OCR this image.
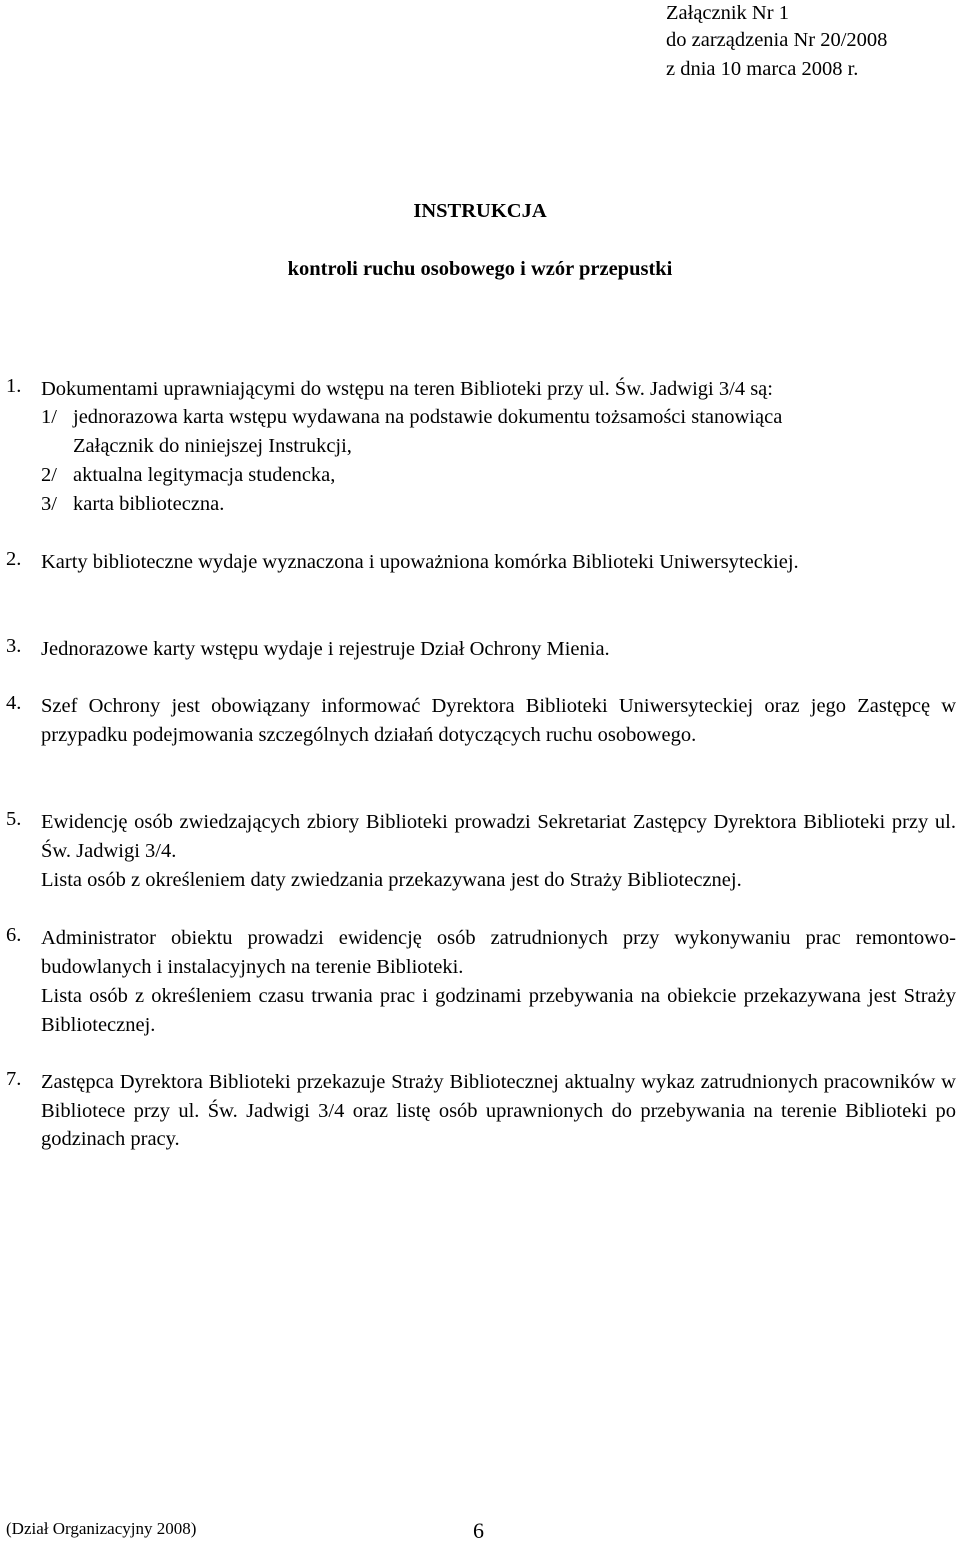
Załącznik Nr 1
do zarządzenia Nr 20/2008
z dnia 10 marca 2008 r.
INSTRUKCJA
kontroli ruchu osobowego i wzór przepustki
1. Dokumentami uprawniającymi do wstępu na teren Biblioteki przy ul. Św. Jadwigi 3/4 są:
1/ jednorazowa karta wstępu wydawana na podstawie dokumentu tożsamości stanowiąca
Załącznik do niniejszej Instrukcji,
2/ aktualna legitymacja studencka,
3/ karta biblioteczna.
2. Karty biblioteczne wydaje wyznaczona i upoważniona komórka Biblioteki Uniwersyteckiej.
3. Jednorazowe karty wstępu wydaje i rejestruje Dział Ochrony Mienia.
4. Szef Ochrony jest obowiązany informować Dyrektora Biblioteki Uniwersyteckiej oraz jego Zastępcę w przypadku podejmowania szczególnych działań dotyczących ruchu osobowego.
5. Ewidencję osób zwiedzających zbiory Biblioteki prowadzi Sekretariat Zastępcy Dyrektora Biblioteki przy ul. Św. Jadwigi 3/4.
Lista osób z określeniem daty zwiedzania przekazywana jest do Straży Bibliotecznej.
6. Administrator obiektu prowadzi ewidencję osób zatrudnionych przy wykonywaniu prac remontowo-budowlanych i instalacyjnych na terenie Biblioteki.
Lista osób z określeniem czasu trwania prac i godzinami przebywania na obiekcie przekazywana jest Straży Bibliotecznej.
7. Zastępca Dyrektora Biblioteki przekazuje Straży Bibliotecznej aktualny wykaz zatrudnionych pracowników w Bibliotece przy ul. Św. Jadwigi 3/4 oraz listę osób uprawnionych do przebywania na terenie Biblioteki po godzinach pracy.
(Dział Organizacyjny 2008)	6
